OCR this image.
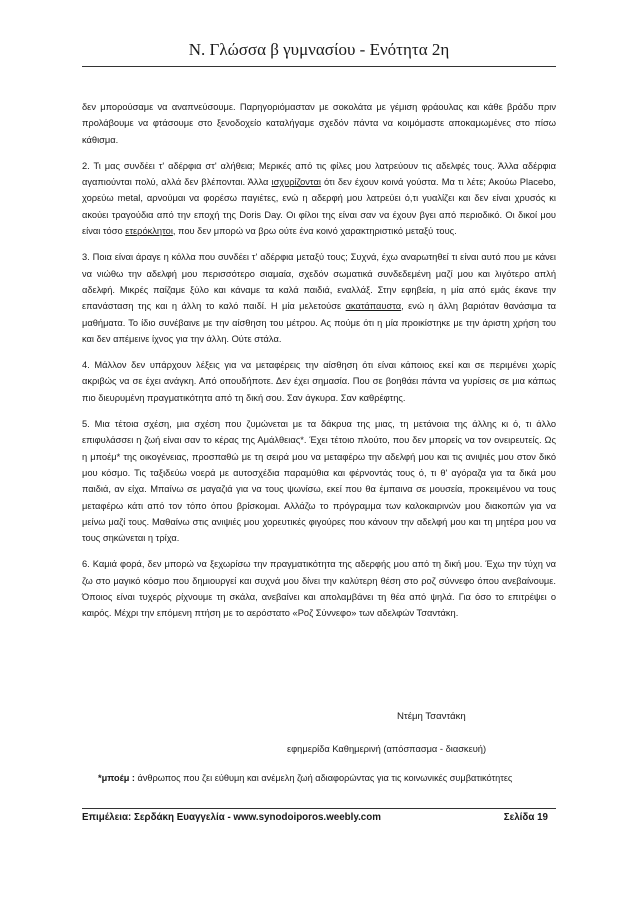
Ν. Γλώσσα β γυμνασίου - Ενότητα 2η

δεν μπορούσαμε να αναπνεύσουμε. Παρηγοριόμασταν με σοκολάτα με γέμιση φράουλας και κάθε βράδυ πριν προλάβουμε να φτάσουμε στο ξενοδοχείο καταλήγαμε σχεδόν πάντα να κοιμόμαστε αποκαμωμένες στο πίσω κάθισμα.

2. Τι μας συνδέει τ' αδέρφια στ' αλήθεια; Μερικές από τις φίλες μου λατρεύουν τις αδελφές τους. Άλλα αδέρφια αγαπιούνται πολύ, αλλά δεν βλέπονται. Άλλα ισχυρίζονται ότι δεν έχουν κοινά γούστα. Μα τι λέτε; Ακούω Placebo, χορεύω metal, αρνούμαι να φορέσω παγιέτες, ενώ η αδερφή μου λατρεύει ό,τι γυαλίζει και δεν είναι χρυσός κι ακούει τραγούδια από την εποχή της Doris Day. Οι φίλοι της είναι σαν να έχουν βγει από περιοδικό. Οι δικοί μου είναι τόσο ετερόκλητοι, που δεν μπορώ να βρω ούτε ένα κοινό χαρακτηριστικό μεταξύ τους.

3. Ποια είναι άραγε η κόλλα που συνδέει τ' αδέρφια μεταξύ τους; Συχνά, έχω αναρωτηθεί τι είναι αυτό που με κάνει να νιώθω την αδελφή μου περισσότερο σιαμαία, σχεδόν σωματικά συνδεδεμένη μαζί μου και λιγότερο απλή αδελφή. Μικρές παίζαμε ξύλο και κάναμε τα καλά παιδιά, εναλλάξ. Στην εφηβεία, η μία από εμάς έκανε την επανάσταση της και η άλλη το καλό παιδί. Η μία μελετούσε ακατάπαυστα, ενώ η άλλη βαριόταν θανάσιμα τα μαθήματα. Το ίδιο συνέβαινε με την αίσθηση του μέτρου. Ας πούμε ότι η μία προικίστηκε με την άριστη χρήση του και δεν απέμεινε ίχνος για την άλλη. Ούτε στάλα.

4. Μάλλον δεν υπάρχουν λέξεις για να μεταφέρεις την αίσθηση ότι είναι κάποιος εκεί και σε περιμένει χωρίς ακριβώς να σε έχει ανάγκη. Από οπουδήποτε. Δεν έχει σημασία. Που σε βοηθάει πάντα να γυρίσεις σε μια κάπως πιο διευρυμένη πραγματικότητα από τη δική σου. Σαν άγκυρα. Σαν καθρέφτης.

5. Μια τέτοια σχέση, μια σχέση που ζυμώνεται με τα δάκρυα της μιας, τη μετάνοια της άλλης κι ό, τι άλλο επιφυλάσσει η ζωή είναι σαν το κέρας της Αμάλθειας*. Έχει τέτοιο πλούτο, που δεν μπορείς να τον ονειρευτείς. Ως η μποέμ* της οικογένειας, προσπαθώ με τη σειρά μου να μεταφέρω την αδελφή μου και τις ανιψιές μου στον δικό μου κόσμο. Τις ταξιδεύω νοερά με αυτοσχέδια παραμύθια και φέρνοντάς τους ό, τι θ' αγόραζα για τα δικά μου παιδιά, αν είχα. Μπαίνω σε μαγαζιά για να τους ψωνίσω, εκεί που θα έμπαινα σε μουσεία, προκειμένου να τους μεταφέρω κάτι από τον τόπο όπου βρίσκομαι. Αλλάζω το πρόγραμμα των καλοκαιρινών μου διακοπών για να μείνω μαζί τους. Μαθαίνω στις ανιψιές μου χορευτικές φιγούρες που κάνουν την αδελφή μου και τη μητέρα μου να τους σηκώνεται η τρίχα.

6. Καμιά φορά, δεν μπορώ να ξεχωρίσω την πραγματικότητα της αδερφής μου από τη δική μου. Έχω την τύχη να ζω στο μαγικό κόσμο που δημιουργεί και συχνά μου δίνει την καλύτερη θέση στο ροζ σύννεφο όπου ανεβαίνουμε. Όποιος είναι τυχερός ρίχνουμε τη σκάλα, ανεβαίνει και απολαμβάνει τη θέα από ψηλά. Για όσο το επιτρέψει ο καιρός. Μέχρι την επόμενη πτήση με το αερόστατο «Ροζ Σύννεφο» των αδελφών Τσαντάκη.

Ντέμη Τσαντάκη
εφημερίδα Καθημερινή (απόσπασμα - διασκευή)
*μποέμ : άνθρωπος που ζει εύθυμη και ανέμελη ζωή αδιαφορώντας για τις κοινωνικές συμβατικότητες
Επιμέλεια: Σερδάκη Ευαγγελία - www.synodoiporos.weebly.com	Σελίδα 19
